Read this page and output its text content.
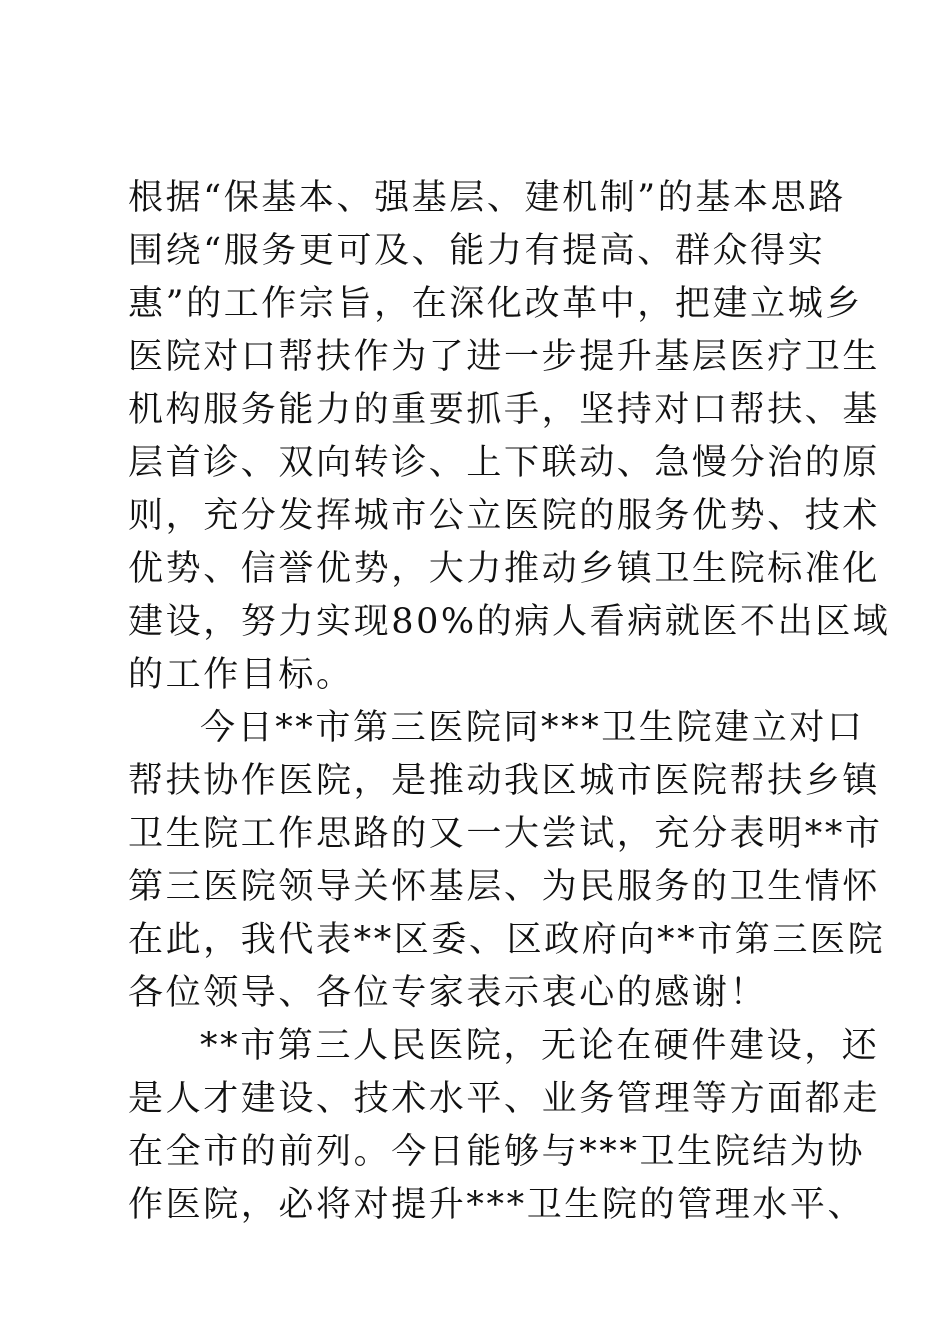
根据“保基本、强基层、建机制”的基本思路
围绕“服务更可及、能力有提高、群众得实
惠”的工作宗旨，在深化改革中，把建立城乡
医院对口帮扶作为了进一步提升基层医疗卫生
机构服务能力的重要抓手，坚持对口帮扶、基
层首诊、双向转诊、上下联动、急慢分治的原
则，充分发挥城市公立医院的服务优势、技术
优势、信誉优势，大力推动乡镇卫生院标准化
建设，努力实现80%的病人看病就医不出区域
的工作目标。
今日**市第三医院同***卫生院建立对口
帮扶协作医院，是推动我区城市医院帮扶乡镇
卫生院工作思路的又一大尝试，充分表明**市
第三医院领导关怀基层、为民服务的卫生情怀
在此，我代表**区委、区政府向**市第三医院
各位领导、各位专家表示衷心的感谢！
**市第三人民医院，无论在硬件建设，还
是人才建设、技术水平、业务管理等方面都走
在全市的前列。今日能够与***卫生院结为协
作医院，必将对提升***卫生院的管理水平、
